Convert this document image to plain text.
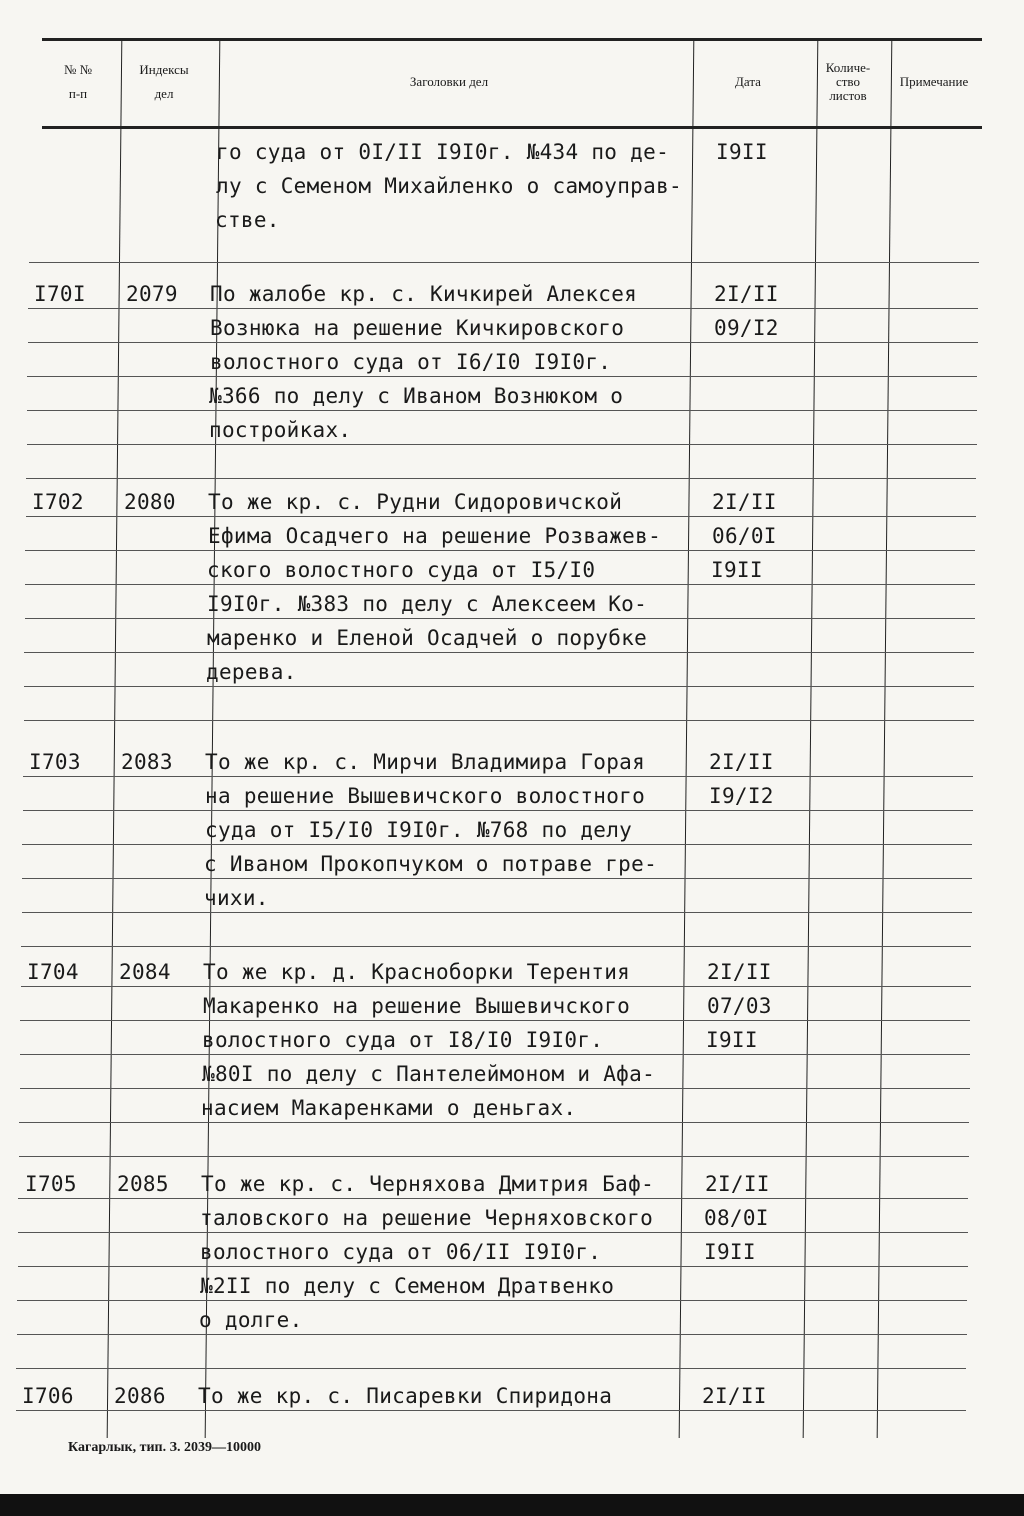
№ №
п-п
Индексы
дел
Заголовки дел	Дата
Количе-
ство
листов
Примечание
го суда от 0I/II I9I0г. №434 по де-
лу с Семеном Михайленко о самоуправ-
стве.
I9II
I70I 2079 По жалобе кр. с. Кичкирей Алексея
Вознюка на решение Кичкировского
волостного суда от I6/I0 I9I0г.
№366 по делу с Иваном Вознюком о
постройках.
2I/II
09/I2
I702 2080 То же кр. с. Рудни Сидоровичской
Ефима Осадчего на решение Розважев-
ского волостного суда от I5/I0
I9I0г. №383 по делу с Алексеем Ко-
маренко и Еленой Осадчей о порубке
дерева.
2I/II
06/0I
I9II
I703 2083 То же кр. с. Мирчи Владимира Горая
на решение Вышевичского волостного
суда от I5/I0 I9I0г. №768 по делу
с Иваном Прокопчуком о потраве гре-
чихи.
2I/II
I9/I2
I704 2084 То же кр. д. Красноборки Терентия
Макаренко на решение Вышевичского
волостного суда от I8/I0 I9I0г.
№80I по делу с Пантелеймоном и Афа-
насием Макаренками о деньгах.
2I/II
07/03
I9II
I705 2085 То же кр. с. Черняхова Дмитрия Баф-
таловского на решение Черняховского
волостного суда от 06/II I9I0г.
№2II по делу с Семеном Дратвенко
о долге.
2I/II
08/0I
I9II
I706 2086 То же кр. с. Писаревки Спиридона	2I/II
Кагарлык, тип. З. 2039—10000
